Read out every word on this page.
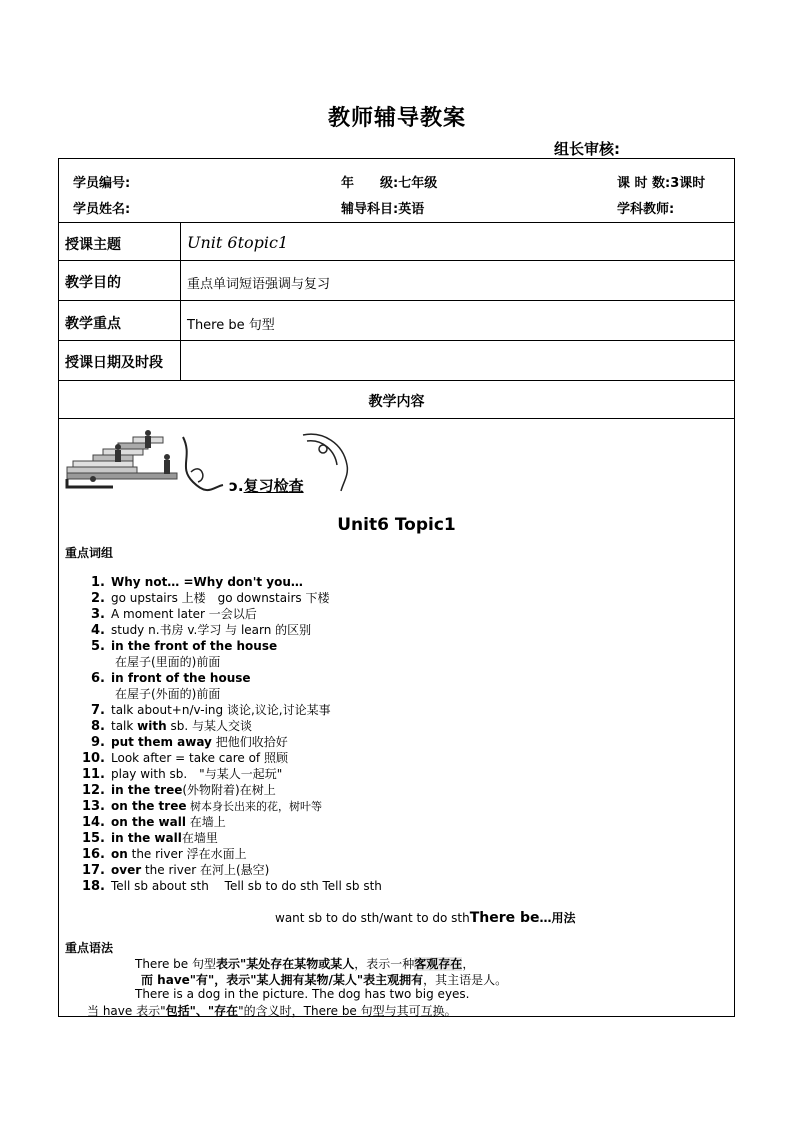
教师辅导教案
组长审核:
学员编号:	年　　级:七年级	课 时 数:3课时
学员姓名:	辅导科目:英语	学科教师:
授课主题	Unit 6topic1
教学目的	重点单词短语强调与复习
教学重点	There be 句型
授课日期及时段
教学内容
ɔ.复习检查
Unit6 Topic1
重点词组
1. Why not… =Why don't you…
2. go upstairs 上楼　go downstairs 下楼
3. A moment later 一会以后
4. study n.书房 v.学习 与 learn 的区别
5. in the front of the house
在屋子(里面的)前面
6. in front of the house
在屋子(外面的)前面
7. talk about+n/v-ing 谈论,议论,讨论某事
8. talk with sb. 与某人交谈
9. put them away 把他们收拾好
10. Look after = take care of 照顾
11. play with sb.　"与某人一起玩"
12. in the tree(外物附着)在树上
13. on the tree 树本身长出来的花，树叶等
14. on the wall 在墙上
15. in the wall在墙里
16. on the river 浮在水面上
17. over the river 在河上(悬空)
18. Tell sb about sth　 Tell sb to do sth Tell sb sth
want sb to do sth/want to do sthThere be…用法
重点语法
There be 句型表示"某处存在某物或某人，表示一种客观存在，
而 have"有"，表示"某人拥有某物/某人"表主观拥有，其主语是人。
There is a dog in the picture. The dog has two big eyes.
当 have 表示"包括"、"存在"的含义时，There be 句型与其可互换。
